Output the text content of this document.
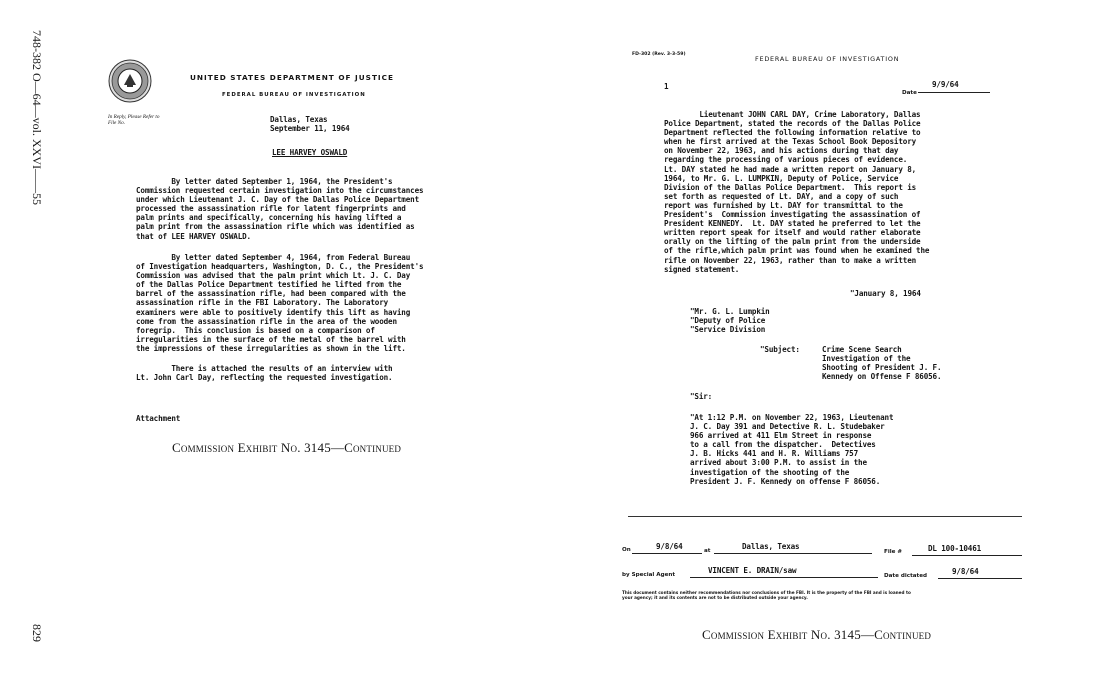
748-382 O—64—vol. XXVI——55
829
UNITED STATES DEPARTMENT OF JUSTICE
FEDERAL BUREAU OF INVESTIGATION
In Reply, Please Refer to
File No.	Dallas, Texas
September 11, 1964
LEE HARVEY OSWALD
By letter dated September 1, 1964, the President's
Commission requested certain investigation into the circumstances
under which Lieutenant J. C. Day of the Dallas Police Department
processed the assassination rifle for latent fingerprints and
palm prints and specifically, concerning his having lifted a
palm print from the assassination rifle which was identified as
that of LEE HARVEY OSWALD.
By letter dated September 4, 1964, from Federal Bureau
of Investigation headquarters, Washington, D. C., the President's
Commission was advised that the palm print which Lt. J. C. Day
of the Dallas Police Department testified he lifted from the
barrel of the assassination rifle, had been compared with the
assassination rifle in the FBI Laboratory. The Laboratory
examiners were able to positively identify this lift as having
come from the assassination rifle in the area of the wooden
foregrip.  This conclusion is based on a comparison of
irregularities in the surface of the metal of the barrel with
the impressions of these irregularities as shown in the lift.
There is attached the results of an interview with
Lt. John Carl Day, reflecting the requested investigation.
Attachment
Commission Exhibit No. 3145—Continued
FD-302 (Rev. 3-3-59)
FEDERAL BUREAU OF INVESTIGATION
1
Date
9/9/64
Lieutenant JOHN CARL DAY, Crime Laboratory, Dallas
Police Department, stated the records of the Dallas Police
Department reflected the following information relative to
when he first arrived at the Texas School Book Depository
on November 22, 1963, and his actions during that day
regarding the processing of various pieces of evidence.
Lt. DAY stated he had made a written report on January 8,
1964, to Mr. G. L. LUMPKIN, Deputy of Police, Service
Division of the Dallas Police Department.  This report is
set forth as requested of Lt. DAY, and a copy of such
report was furnished by Lt. DAY for transmittal to the
President's  Commission investigating the assassination of
President KENNEDY.  Lt. DAY stated he preferred to let the
written report speak for itself and would rather elaborate
orally on the lifting of the palm print from the underside
of the rifle,which palm print was found when he examined the
rifle on November 22, 1963, rather than to make a written
signed statement.
"January 8, 1964
"Mr. G. L. Lumpkin
"Deputy of Police
"Service Division
"Subject:	Crime Scene Search
Investigation of the
Shooting of President J. F.
Kennedy on Offense F 86056.
"Sir:
"At 1:12 P.M. on November 22, 1963, Lieutenant
J. C. Day 391 and Detective R. L. Studebaker
966 arrived at 411 Elm Street in response
to a call from the dispatcher.  Detectives
J. B. Hicks 441 and H. R. Williams 757
arrived about 3:00 P.M. to assist in the
investigation of the shooting of the
President J. F. Kennedy on offense F 86056.
On	9/8/64	at	Dallas, Texas
File #	DL 100-10461
by Special Agent	VINCENT E. DRAIN/saw
Date dictated	9/8/64
This document contains neither recommendations nor conclusions of the FBI. It is the property of the FBI and is loaned to
your agency; it and its contents are not to be distributed outside your agency.
Commission Exhibit No. 3145—Continued
